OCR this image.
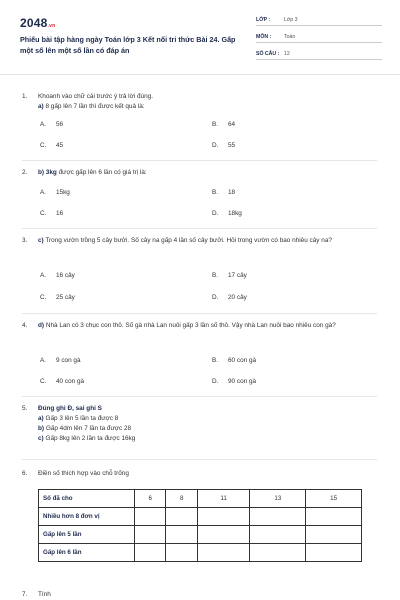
2048.vn
Phiếu bài tập hàng ngày Toán lớp 3 Kết nối tri thức Bài 24. Gấp một số lên một số lần có đáp án
LỚP :	Lớp 3
MÔN : Toán
SỐ CÂU : 12
1. Khoanh vào chữ cái trước ý trả lời đúng.
a) 8 gấp lên 7 lần thì được kết quả là:
A. 56	B. 64
C. 45	D. 55
2. b) 3kg được gấp lên 6 lần có giá trị là:
A. 15kg	B. 18
C. 16	D. 18kg
3. c) Trong vườn trồng 5 cây bưởi. Số cây na gấp 4 lần số cây bưởi. Hỏi trong vườn có bao nhiêu cây na?
A. 16 cây	B. 17 cây
C. 25 cây	D. 20 cây
4. d) Nhà Lan có 3 chục con thỏ. Số gà nhà Lan nuôi gấp 3 lần số thỏ. Vậy nhà Lan nuôi bao nhiêu con gà?
A. 9 con gà	B. 60 con gà
C. 40 con gà	D. 90 con gà
5. Đúng ghi Đ, sai ghi S
a) Gấp 3 lên 5 lần ta được 8
b) Gấp 4dm lên 7 lần ta được 28
c) Gấp 8kg lên 2 lần ta được 16kg
6. Điền số thích hợp vào chỗ trống
Số đã cho	6	8	11	13	15
Nhiều hơn 8 đơn vị					
Gấp lên 5 lần					
Gấp lên 6 lần					
7. Tính
